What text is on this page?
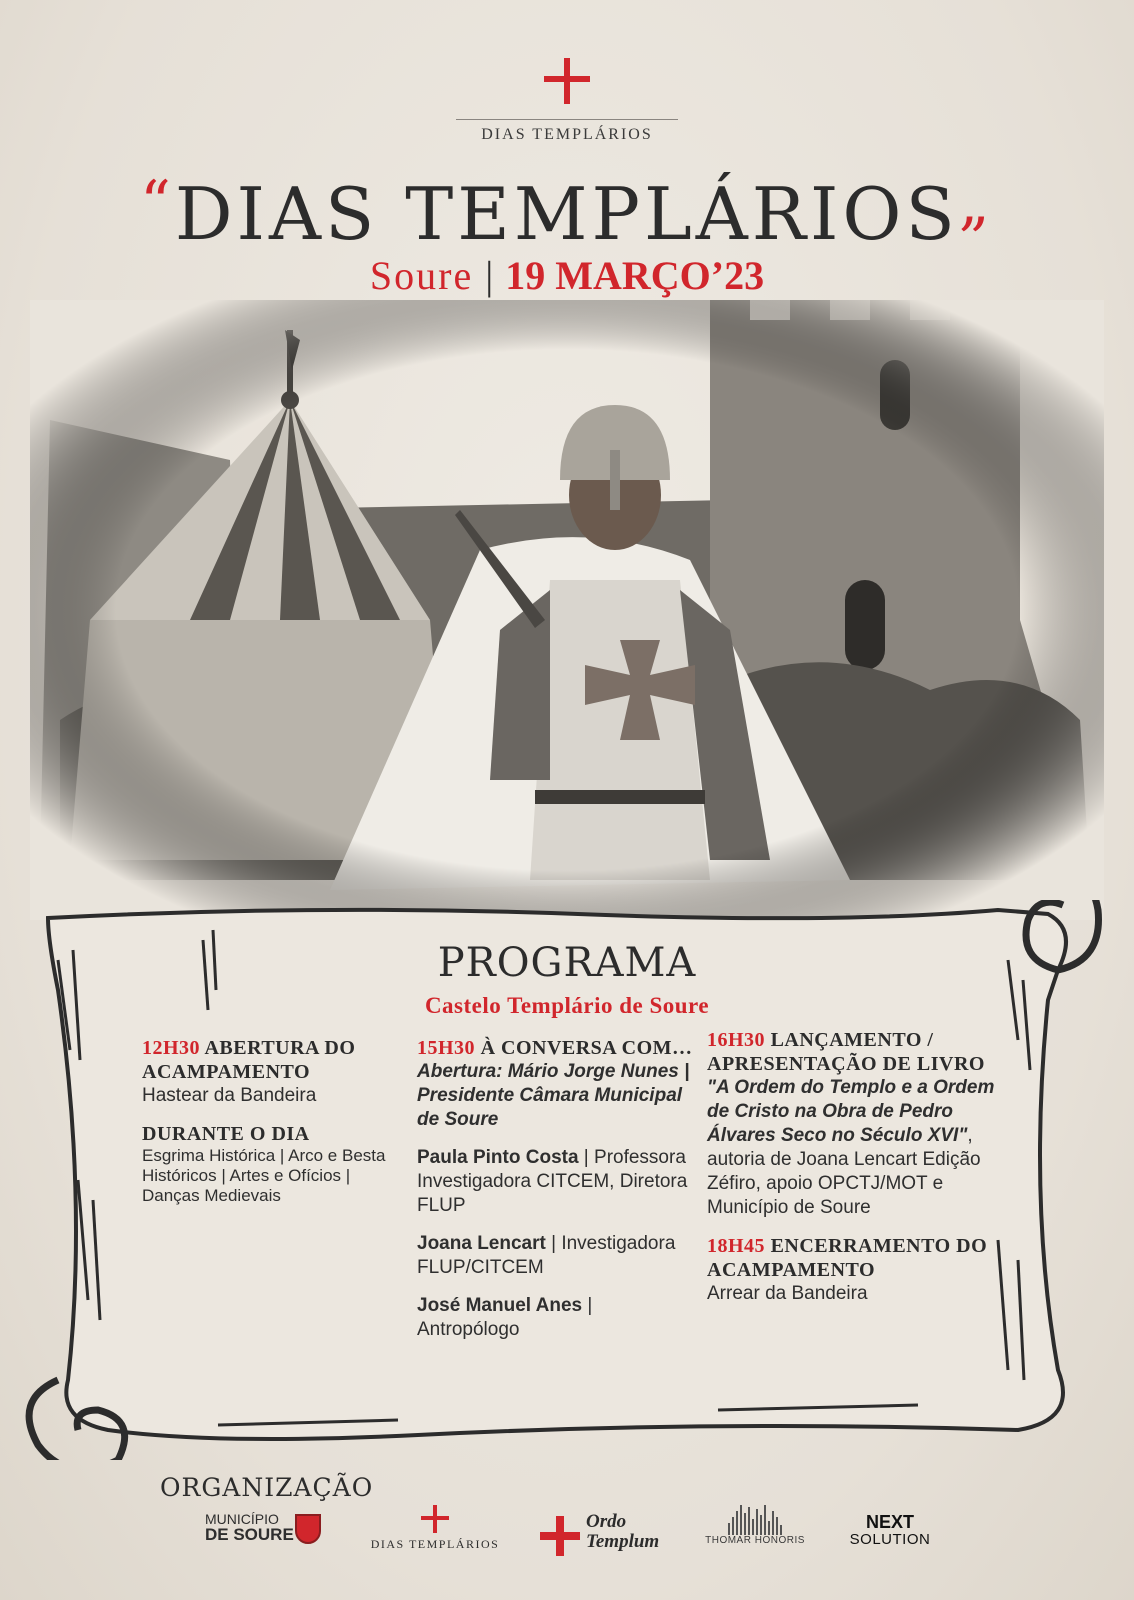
DIAS TEMPLÁRIOS
“DIAS TEMPLÁRIOS„
Soure | 19 MARÇO’23
PROGRAMA
Castelo Templário de Soure
12H30 ABERTURA DO ACAMPAMENTO
Hastear da Bandeira
DURANTE O DIA
Esgrima Histórica | Arco e Besta Históricos | Artes e Ofícios | Danças Medievais
15H30 À CONVERSA COM…
Abertura: Mário Jorge Nunes | Presidente Câmara Municipal de Soure
Paula Pinto Costa | Professora Investigadora CITCEM, Diretora FLUP
Joana Lencart | Investigadora FLUP/CITCEM
José Manuel Anes | Antropólogo
16H30 LANÇAMENTO / APRESENTAÇÃO DE LIVRO
"A Ordem do Templo e a Ordem de Cristo na Obra de Pedro Álvares Seco no Século XVI", autoria de Joana Lencart Edição Zéfiro, apoio OPCTJ/MOT e Município de Soure
18H45 ENCERRAMENTO DO ACAMPAMENTO
Arrear da Bandeira
ORGANIZAÇÃO
MUNICÍPIO
DE SOURE	DIAS TEMPLÁRIOS
Ordo
Templum	THOMAR HONORIS
NEXT
SOLUTION
